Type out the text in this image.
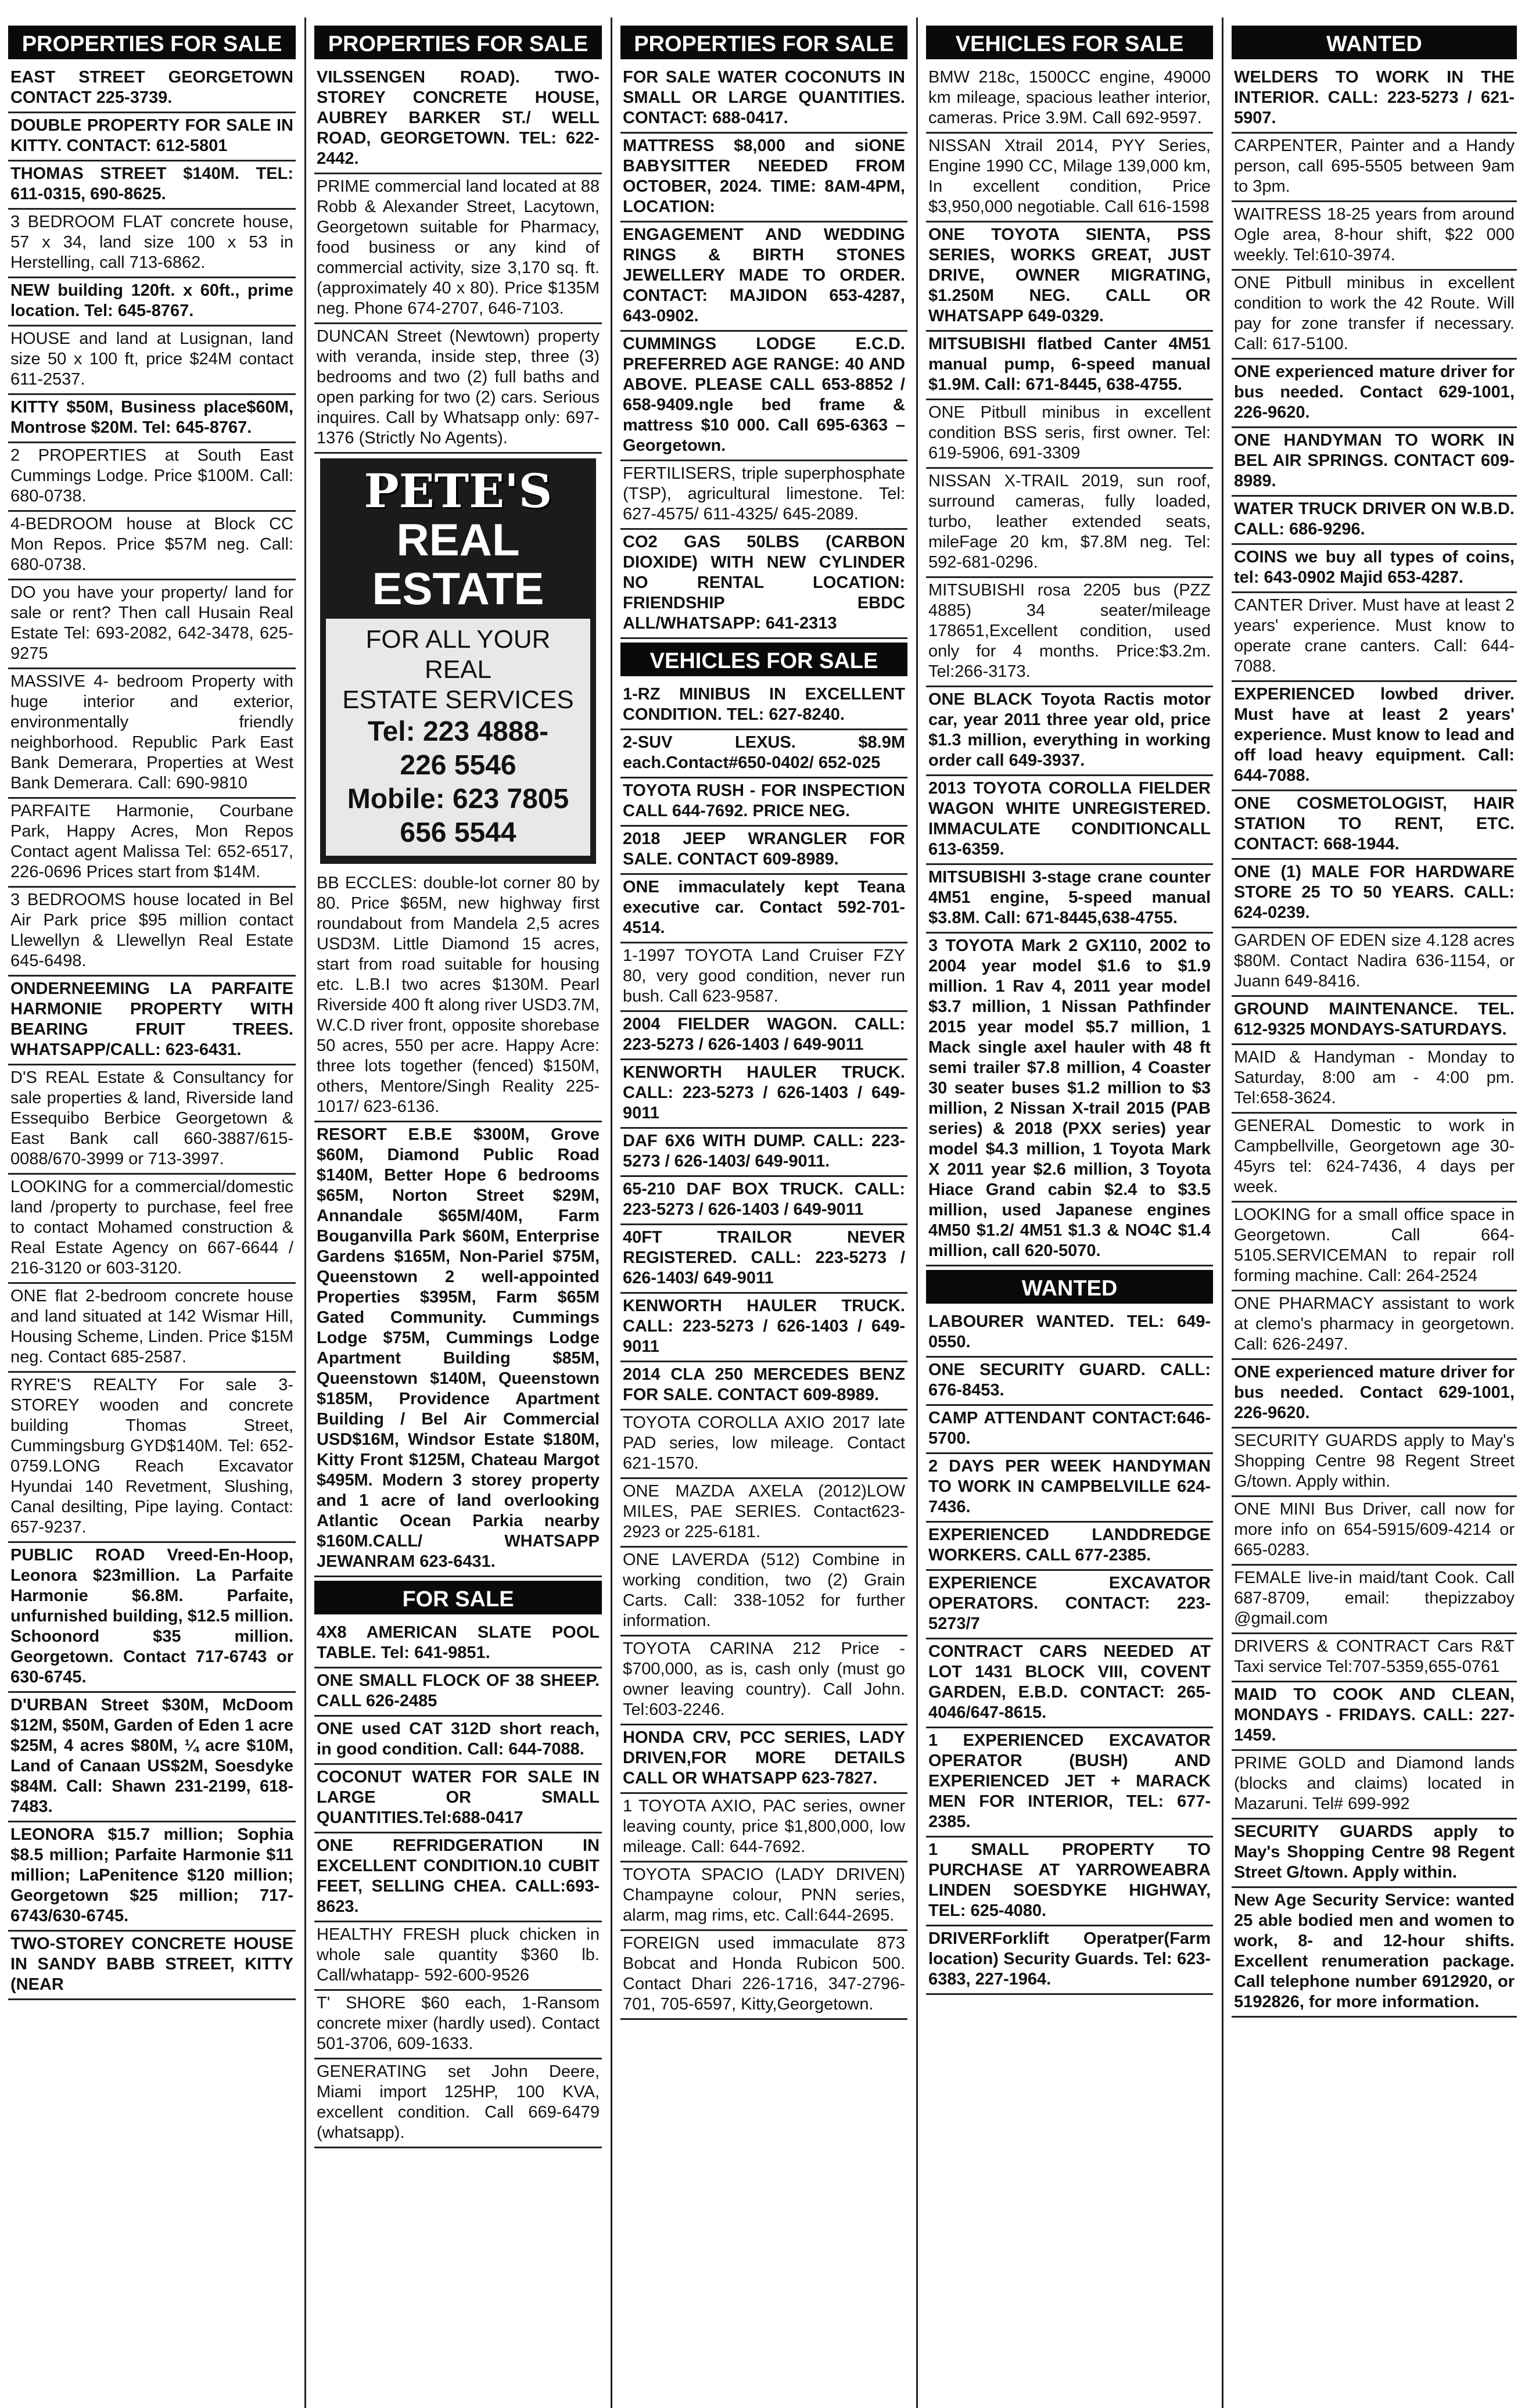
PROPERTIES FOR SALE
EAST STREET GEORGETOWN CONTACT 225-3739.
DOUBLE PROPERTY FOR SALE IN KITTY. CONTACT: 612-5801
THOMAS STREET $140M. TEL: 611-0315, 690-8625.
3 BEDROOM FLAT concrete house, 57 x 34, land size 100 x 53 in Herstelling, call 713-6862.
NEW building 120ft. x 60ft., prime location. Tel: 645-8767.
HOUSE and land at Lusignan, land size 50 x 100 ft, price $24M contact 611-2537.
KITTY $50M, Business place$60M, Montrose $20M. Tel: 645-8767.
2 PROPERTIES at South East Cummings Lodge. Price $100M. Call: 680-0738.
4-BEDROOM house at Block CC Mon Repos. Price $57M neg. Call: 680-0738.
DO you have your property/ land for sale or rent? Then call Husain Real Estate Tel: 693-2082, 642-3478, 625-9275
MASSIVE 4- bedroom Property with huge interior and exterior, environmentally friendly neighborhood. Republic Park East Bank Demerara, Properties at West Bank Demerara. Call: 690-9810
PARFAITE Harmonie, Courbane Park, Happy Acres, Mon Repos Contact agent Malissa Tel: 652-6517, 226-0696 Prices start from $14M.
3 BEDROOMS house located in Bel Air Park price $95 million contact Llewellyn & Llewellyn Real Estate 645-6498.
ONDERNEEMING LA PARFAITE HARMONIE PROPERTY WITH BEARING FRUIT TREES. WHATSAPP/CALL: 623-6431.
D'S REAL Estate & Consultancy for sale properties & land, Riverside land Essequibo Berbice Georgetown & East Bank call 660-3887/615-0088/670-3999 or 713-3997.
LOOKING for a commercial/domestic land /property to purchase, feel free to contact Mohamed construction & Real Estate Agency on 667-6644 / 216-3120 or 603-3120.
ONE flat 2-bedroom concrete house and land situated at 142 Wismar Hill, Housing Scheme, Linden. Price $15M neg. Contact 685-2587.
RYRE'S REALTY For sale 3-STOREY wooden and concrete building Thomas Street, Cummingsburg GYD$140M. Tel: 652-0759.LONG Reach Excavator Hyundai 140 Revetment, Slushing, Canal desilting, Pipe laying. Contact: 657-9237.
PUBLIC ROAD Vreed-En-Hoop, Leonora $23million. La Parfaite Harmonie $6.8M. Parfaite, unfurnished building, $12.5 million. Schoonord $35 million. Georgetown. Contact 717-6743 or 630-6745.
D'URBAN Street $30M, McDoom $12M, $50M, Garden of Eden 1 acre $25M, 4 acres $80M, ¼ acre $10M, Land of Canaan US$2M, Soesdyke $84M. Call: Shawn 231-2199, 618-7483.
LEONORA $15.7 million; Sophia $8.5 million; Parfaite Harmonie $11 million; LaPenitence $120 million; Georgetown $25 million; 717-6743/630-6745.
TWO-STOREY CONCRETE HOUSE IN SANDY BABB STREET, KITTY (NEAR
PROPERTIES FOR SALE
VILSSENGEN ROAD). TWO-STOREY CONCRETE HOUSE, AUBREY BARKER ST./ WELL ROAD, GEORGETOWN. TEL: 622-2442.
PRIME commercial land located at 88 Robb & Alexander Street, Lacytown, Georgetown suitable for Pharmacy, food business or any kind of commercial activity, size 3,170 sq. ft. (approximately 40 x 80). Price $135M neg. Phone 674-2707, 646-7103.
DUNCAN Street (Newtown) property with veranda, inside step, three (3) bedrooms and two (2) full baths and open parking for two (2) cars. Serious inquires. Call by Whatsapp only: 697-1376 (Strictly No Agents).
PETE'S
REAL ESTATE
FOR ALL YOUR REAL
ESTATE SERVICES
Tel: 223 4888-
226 5546
Mobile: 623 7805
656 5544
BB ECCLES: double-lot corner 80 by 80. Price $65M, new highway first roundabout from Mandela 2,5 acres USD3M. Little Diamond 15 acres, start from road suitable for housing etc. L.B.I two acres $130M. Pearl Riverside 400 ft along river USD3.7M, W.C.D river front, opposite shorebase 50 acres, 550 per acre. Happy Acre: three lots together (fenced) $150M, others, Mentore/Singh Reality 225-1017/ 623-6136.
RESORT E.B.E $300M, Grove $60M, Diamond Public Road $140M, Better Hope 6 bedrooms $65M, Norton Street $29M, Annandale $65M/40M, Farm Bouganvilla Park $60M, Enterprise Gardens $165M, Non-Pariel $75M, Queenstown 2 well-appointed Properties $395M, Farm $65M Gated Community. Cummings Lodge $75M, Cummings Lodge Apartment Building $85M, Queenstown $140M, Queenstown $185M, Providence Apartment Building / Bel Air Commercial USD$16M, Windsor Estate $180M, Kitty Front $125M, Chateau Margot $495M. Modern 3 storey property and 1 acre of land overlooking Atlantic Ocean Parkia nearby $160M.CALL/ WHATSAPP JEWANRAM 623-6431.
FOR SALE
4X8 AMERICAN SLATE POOL TABLE. Tel: 641-9851.
ONE SMALL FLOCK OF 38 SHEEP. CALL 626-2485
ONE used CAT 312D short reach, in good condition. Call: 644-7088.
COCONUT WATER FOR SALE IN LARGE OR SMALL QUANTITIES.Tel:688-0417
ONE REFRIDGERATION IN EXCELLENT CONDITION.10 CUBIT FEET, SELLING CHEA. CALL:693-8623.
HEALTHY FRESH pluck chicken in whole sale quantity $360 lb. Call/whatapp- 592-600-9526
T' SHORE $60 each, 1-Ransom concrete mixer (hardly used). Contact 501-3706, 609-1633.
GENERATING set John Deere, Miami import 125HP, 100 KVA, excellent condition. Call 669-6479 (whatsapp).
PROPERTIES FOR SALE
FOR SALE WATER COCONUTS IN SMALL OR LARGE QUANTITIES. CONTACT: 688-0417.
MATTRESS $8,000 and siONE BABYSITTER NEEDED FROM OCTOBER, 2024. TIME: 8AM-4PM, LOCATION:
ENGAGEMENT AND WEDDING RINGS & BIRTH STONES JEWELLERY MADE TO ORDER. CONTACT: MAJIDON 653-4287, 643-0902.
CUMMINGS LODGE E.C.D. PREFERRED AGE RANGE: 40 AND ABOVE. PLEASE CALL 653-8852 / 658-9409.ngle bed frame & mattress $10 000. Call 695-6363 – Georgetown.
FERTILISERS, triple superphosphate (TSP), agricultural limestone. Tel: 627-4575/ 611-4325/ 645-2089.
CO2 GAS 50LBS (CARBON DIOXIDE) WITH NEW CYLINDER NO RENTAL LOCATION: FRIENDSHIP EBDC ALL/WHATSAPP: 641-2313
VEHICLES FOR SALE
1-RZ MINIBUS IN EXCELLENT CONDITION. TEL: 627-8240.
2-SUV LEXUS. $8.9M each.Contact#650-0402/ 652-025
TOYOTA RUSH - FOR INSPECTION CALL 644-7692. PRICE NEG.
2018 JEEP WRANGLER FOR SALE. CONTACT 609-8989.
ONE immaculately kept Teana executive car. Contact 592-701-4514.
1-1997 TOYOTA Land Cruiser FZY 80, very good condition, never run bush. Call 623-9587.
2004 FIELDER WAGON. CALL: 223-5273 / 626-1403 / 649-9011
KENWORTH HAULER TRUCK. CALL: 223-5273 / 626-1403 / 649-9011
DAF 6X6 WITH DUMP. CALL: 223-5273 / 626-1403/ 649-9011.
65-210 DAF BOX TRUCK. CALL: 223-5273 / 626-1403 / 649-9011
40FT TRAILOR NEVER REGISTERED. CALL: 223-5273 / 626-1403/ 649-9011
KENWORTH HAULER TRUCK. CALL: 223-5273 / 626-1403 / 649-9011
2014 CLA 250 MERCEDES BENZ FOR SALE. CONTACT 609-8989.
TOYOTA COROLLA AXIO 2017 late PAD series, low mileage. Contact 621-1570.
ONE MAZDA AXELA (2012)LOW MILES, PAE SERIES. Contact623-2923 or 225-6181.
ONE LAVERDA (512) Combine in working condition, two (2) Grain Carts. Call: 338-1052 for further information.
TOYOTA CARINA 212 Price - $700,000, as is, cash only (must go owner leaving country). Call John. Tel:603-2246.
HONDA CRV, PCC SERIES, LADY DRIVEN,FOR MORE DETAILS CALL OR WHATSAPP 623-7827.
1 TOYOTA AXIO, PAC series, owner leaving county, price $1,800,000, low mileage. Call: 644-7692.
TOYOTA SPACIO (LADY DRIVEN) Champayne colour, PNN series, alarm, mag rims, etc. Call:644-2695.
FOREIGN used immaculate 873 Bobcat and Honda Rubicon 500. Contact Dhari 226-1716, 347-2796-701, 705-6597, Kitty,Georgetown.
VEHICLES FOR SALE
BMW 218c, 1500CC engine, 49000 km mileage, spacious leather interior, cameras. Price 3.9M. Call 692-9597.
NISSAN Xtrail 2014, PYY Series, Engine 1990 CC, Milage 139,000 km, In excellent condition, Price $3,950,000 negotiable. Call 616-1598
ONE TOYOTA SIENTA, PSS SERIES, WORKS GREAT, JUST DRIVE, OWNER MIGRATING, $1.250M NEG. CALL OR WHATSAPP 649-0329.
MITSUBISHI flatbed Canter 4M51 manual pump, 6-speed manual $1.9M. Call: 671-8445, 638-4755.
ONE Pitbull minibus in excellent condition BSS seris, first owner. Tel: 619-5906, 691-3309
NISSAN X-TRAIL 2019, sun roof, surround cameras, fully loaded, turbo, leather extended seats, mileFage 20 km, $7.8M neg. Tel: 592-681-0296.
MITSUBISHI rosa 2205 bus (PZZ 4885) 34 seater/mileage 178651,Excellent condition, used only for 4 months. Price:$3.2m. Tel:266-3173.
ONE BLACK Toyota Ractis motor car, year 2011 three year old, price $1.3 million, everything in working order call 649-3937.
2013 TOYOTA COROLLA FIELDER WAGON WHITE UNREGISTERED. IMMACULATE CONDITIONCALL 613-6359.
MITSUBISHI 3-stage crane counter 4M51 engine, 5-speed manual $3.8M. Call: 671-8445,638-4755.
3 TOYOTA Mark 2 GX110, 2002 to 2004 year model $1.6 to $1.9 million. 1 Rav 4, 2011 year model $3.7 million, 1 Nissan Pathfinder 2015 year model $5.7 million, 1 Mack single axel hauler with 48 ft semi trailer $7.8 million, 4 Coaster 30 seater buses $1.2 million to $3 million, 2 Nissan X-trail 2015 (PAB series) & 2018 (PXX series) year model $4.3 million, 1 Toyota Mark X 2011 year $2.6 million, 3 Toyota Hiace Grand cabin $2.4 to $3.5 million, used Japanese engines 4M50 $1.2/ 4M51 $1.3 & NO4C $1.4 million, call 620-5070.
WANTED
LABOURER WANTED. TEL: 649-0550.
ONE SECURITY GUARD. CALL: 676-8453.
CAMP ATTENDANT CONTACT:646-5700.
2 DAYS PER WEEK HANDYMAN TO WORK IN CAMPBELVILLE 624-7436.
EXPERIENCED LANDDREDGE WORKERS. CALL 677-2385.
EXPERIENCE EXCAVATOR OPERATORS. CONTACT: 223-5273/7
CONTRACT CARS NEEDED AT LOT 1431 BLOCK VIII, COVENT GARDEN, E.B.D. CONTACT: 265-4046/647-8615.
1 EXPERIENCED EXCAVATOR OPERATOR (BUSH) AND EXPERIENCED JET + MARACK MEN FOR INTERIOR, TEL: 677-2385.
1 SMALL PROPERTY TO PURCHASE AT YARROWEABRA LINDEN SOESDYKE HIGHWAY, TEL: 625-4080.
DRIVERForklift Operatper(Farm location) Security Guards. Tel: 623-6383, 227-1964.
WANTED
WELDERS TO WORK IN THE INTERIOR. CALL: 223-5273 / 621-5907.
CARPENTER, Painter and a Handy person, call 695-5505 between 9am to 3pm.
WAITRESS 18-25 years from around Ogle area, 8-hour shift, $22 000 weekly. Tel:610-3974.
ONE Pitbull minibus in excellent condition to work the 42 Route. Will pay for zone transfer if necessary. Call: 617-5100.
ONE experienced mature driver for bus needed. Contact 629-1001, 226-9620.
ONE HANDYMAN TO WORK IN BEL AIR SPRINGS. CONTACT 609-8989.
WATER TRUCK DRIVER ON W.B.D. CALL: 686-9296.
COINS we buy all types of coins, tel: 643-0902 Majid 653-4287.
CANTER Driver. Must have at least 2 years' experience. Must know to operate crane canters. Call: 644-7088.
EXPERIENCED lowbed driver. Must have at least 2 years' experience. Must know to lead and off load heavy equipment. Call: 644-7088.
ONE COSMETOLOGIST, HAIR STATION TO RENT, ETC. CONTACT: 668-1944.
ONE (1) MALE FOR HARDWARE STORE 25 TO 50 YEARS. CALL: 624-0239.
GARDEN OF EDEN size 4.128 acres $80M. Contact Nadira 636-1154, or Juann 649-8416.
GROUND MAINTENANCE. TEL. 612-9325 MONDAYS-SATURDAYS.
MAID & Handyman - Monday to Saturday, 8:00 am - 4:00 pm. Tel:658-3624.
GENERAL Domestic to work in Campbellville, Georgetown age 30-45yrs tel: 624-7436, 4 days per week.
LOOKING for a small office space in Georgetown. Call 664-5105.SERVICEMAN to repair roll forming machine. Call: 264-2524
ONE PHARMACY assistant to work at clemo's pharmacy in georgetown. Call: 626-2497.
ONE experienced mature driver for bus needed. Contact 629-1001, 226-9620.
SECURITY GUARDS apply to May's Shopping Centre 98 Regent Street G/town. Apply within.
ONE MINI Bus Driver, call now for more info on 654-5915/609-4214 or 665-0283.
FEMALE live-in maid/tant Cook. Call 687-8709, email: thepizzaboy @gmail.com
DRIVERS & CONTRACT Cars R&T Taxi service Tel:707-5359,655-0761
MAID TO COOK AND CLEAN, MONDAYS - FRIDAYS. CALL: 227-1459.
PRIME GOLD and Diamond lands (blocks and claims) located in Mazaruni. Tel# 699-992
SECURITY GUARDS apply to May's Shopping Centre 98 Regent Street G/town. Apply within.
New Age Security Service: wanted 25 able bodied men and women to work, 8- and 12-hour shifts. Excellent renumeration package. Call telephone number 6912920, or 5192826, for more information.
